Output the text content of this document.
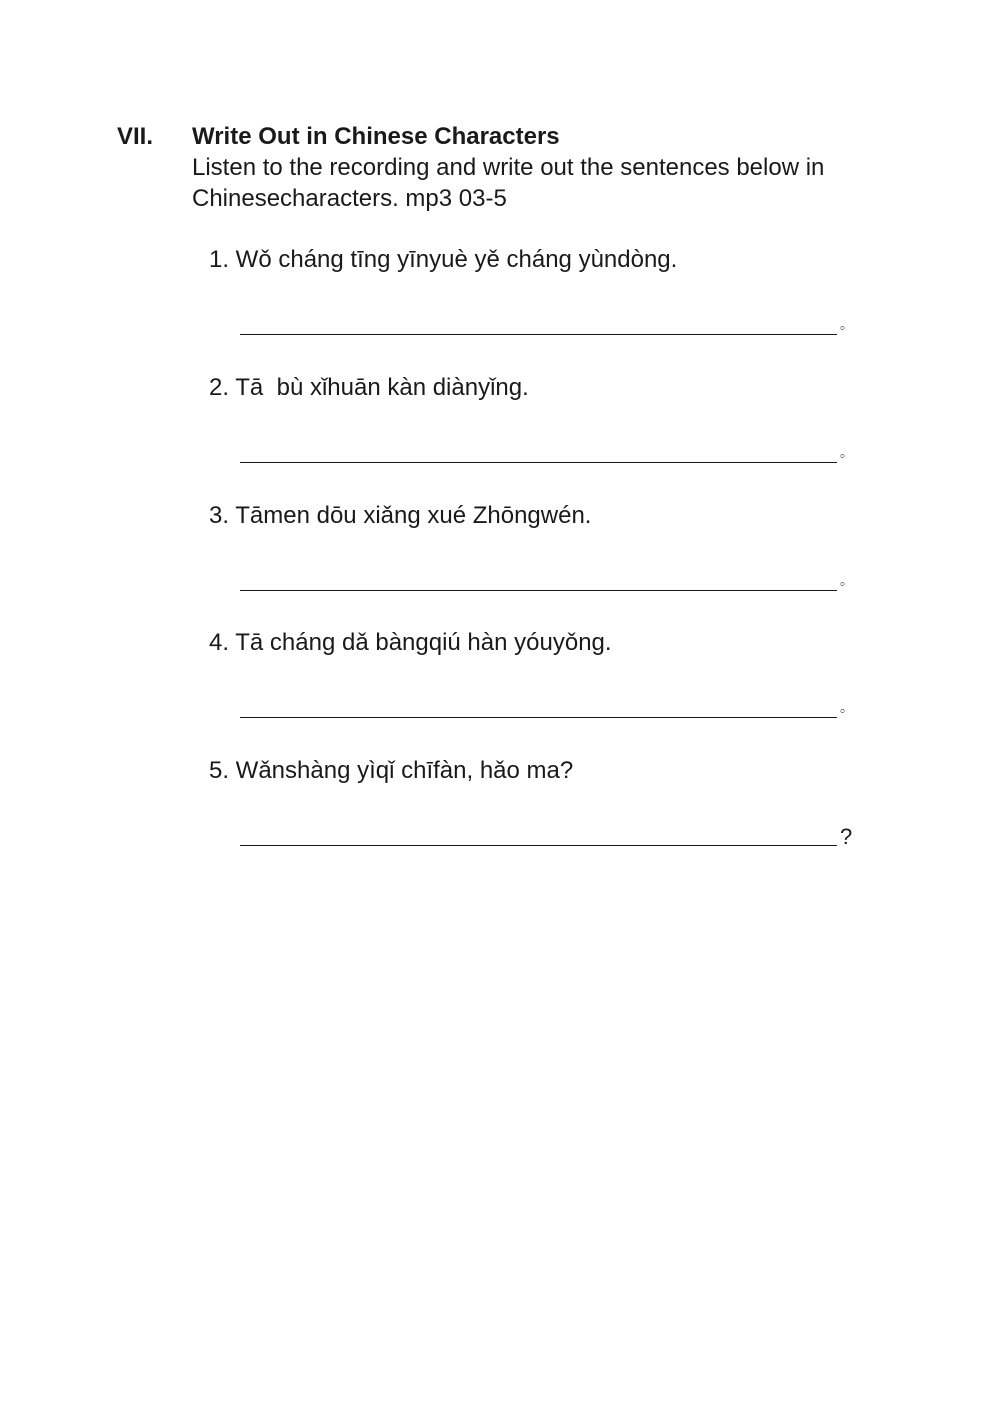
VII. Write Out in Chinese Characters

Listen to the recording and write out the sentences below in Chinesecharacters. mp3 03-5

1. Wǒ cháng tīng yīnyuè yě cháng yùndòng.
。
2. Tā  bù xǐhuān kàn diànyǐng.
。
3. Tāmen dōu xiǎng xué Zhōngwén.
。
4. Tā cháng dǎ bàngqiú hàn yóuyǒng.
。
5. Wǎnshàng yìqǐ chīfàn, hǎo ma?
?
